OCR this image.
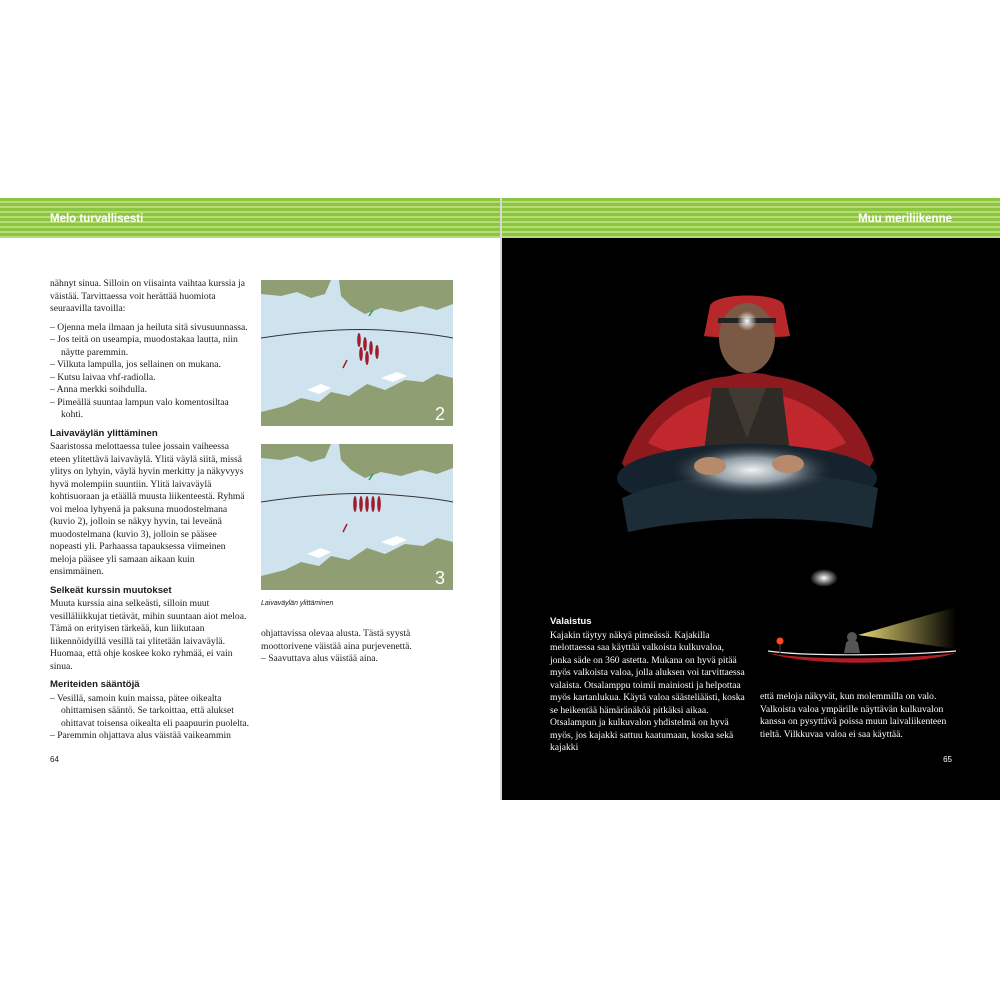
Melo turvallisesti

nähnyt sinua. Silloin on viisainta vaihtaa kurssia ja väistää. Tarvittaessa voit herättää huomiota seuraavilla tavoilla:

– Ojenna mela ilmaan ja heiluta sitä sivusuunnassa.
– Jos teitä on useampia, muodostakaa lautta, niin näytte paremmin.
– Vilkuta lampulla, jos sellainen on mukana.
– Kutsu laivaa vhf-radiolla.
– Anna merkki soihdulla.
– Pimeällä suuntaa lampun valo komentosiltaa kohti.
Laivaväylän ylittäminen

Saaristossa melottaessa tulee jossain vaiheessa eteen ylitettävä laivaväylä. Ylitä väylä siitä, missä ylitys on lyhyin, väylä hyvin merkitty ja näkyvyys hyvä molempiin suuntiin. Ylitä laivaväylä kohtisuoraan ja etäällä muusta liikenteestä. Ryhmä voi meloa lyhyenä ja paksuna muodostelmana (kuvio 2), jolloin se näkyy hyvin, tai leveänä muodostelmana (kuvio 3), jolloin se pääsee nopeasti yli. Parhaassa tapauksessa viimeinen meloja pääsee yli samaan aikaan kuin ensimmäinen.

Selkeät kurssin muutokset

Muuta kurssia aina selkeästi, silloin muut vesilläliikkujat tietävät, mihin suuntaan aiot meloa. Tämä on erityisen tärkeää, kun liikutaan liikennöidyillä vesillä tai ylitetään laivaväylä. Huomaa, että ohje koskee koko ryhmää, ei vain sinua.

Meriteiden sääntöjä
– Vesillä, samoin kuin maissa, pätee oikealta ohittamisen sääntö. Se tarkoittaa, että alukset ohittavat toisensa oikealta eli paapuurin puolelta.
– Paremmin ohjattava alus väistää vaikeammin
2
3
Laivaväylän ylittäminen

ohjattavissa olevaa alusta. Tästä syystä moottorivene väistää aina purjevenettä.

– Saavuttava alus väistää aina.
64
Muu meriliikenne
Valaistus

Kajakin täytyy näkyä pimeässä. Kajakilla melottaessa saa käyttää valkoista kulkuvaloa, jonka säde on 360 astetta. Mukana on hyvä pitää myös valkoista valoa, jolla aluksen voi tarvittaessa valaista. Otsalamppu toimii mainiosti ja helpottaa myös kartanlukua. Käytä valoa säästeliäästi, koska se heikentää hämäränäköä pitkäksi aikaa. Otsalampun ja kulkuvalon yhdistelmä on hyvä myös, jos kajakki sattuu kaatumaan, koska sekä kajakki

että meloja näkyvät, kun molemmilla on valo. Valkoista valoa ympärille näyttävän kulkuvalon kanssa on pysyttävä poissa muun laivaliikenteen tieltä. Vilkkuvaa valoa ei saa käyttää.

65
